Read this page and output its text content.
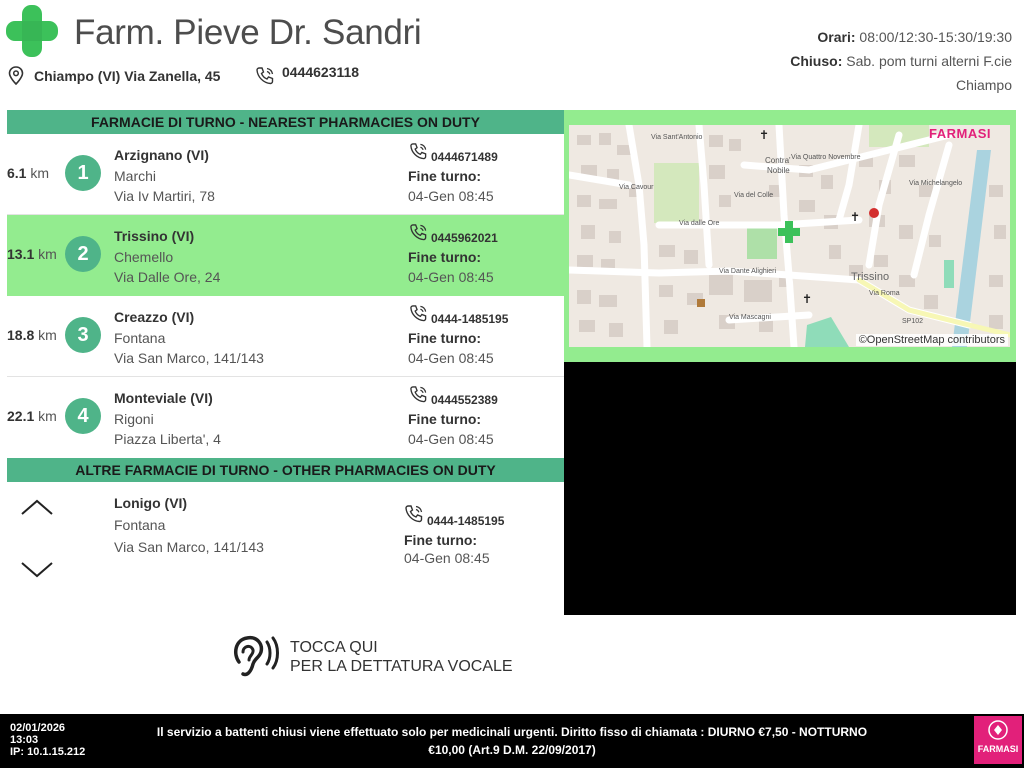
Farm. Pieve Dr. Sandri
Chiampo (VI) Via Zanella, 45	0444623118
Orari: 08:00/12:30-15:30/19:30
Chiuso: Sab. pom turni alterni F.cie Chiampo
FARMACIE DI TURNO - NEAREST PHARMACIES ON DUTY
6.1 km	1
Arzignano (VI)
Marchi
Via Iv Martiri, 78
0444671489
Fine turno:
04-Gen 08:45
13.1 km	2
Trissino (VI)
Chemello
Via Dalle Ore, 24
0445962021
Fine turno:
04-Gen 08:45
18.8 km	3
Creazzo (VI)
Fontana
Via San Marco, 141/143
0444-1485195
Fine turno:
04-Gen 08:45
22.1 km	4
Monteviale (VI)
Rigoni
Piazza Liberta', 4
0444552389
Fine turno:
04-Gen 08:45
ALTRE FARMACIE DI TURNO - OTHER PHARMACIES ON DUTY
Lonigo (VI)
Fontana
Via San Marco, 141/143
0444-1485195
Fine turno:
04-Gen 08:45
Contra'
Nobile
Trissino
Via Dante Alighieri
Via Mascagni
Via dalle Ore
Via Cavour
Via del Colle
Via Quattro Novembre
Via Michelangelo
Via Roma
SP102
Via Sant'Antonio	✝
✝
✝
FARMASI
©OpenStreetMap contributors
TOCCA QUI
PER LA DETTATURA VOCALE
02/01/2026
13:03
IP: 10.1.15.212
Il servizio a battenti chiusi viene effettuato solo per medicinali urgenti. Diritto fisso di chiamata : DIURNO €7,50 - NOTTURNO
€10,00 (Art.9 D.M. 22/09/2017)	FARMASI
